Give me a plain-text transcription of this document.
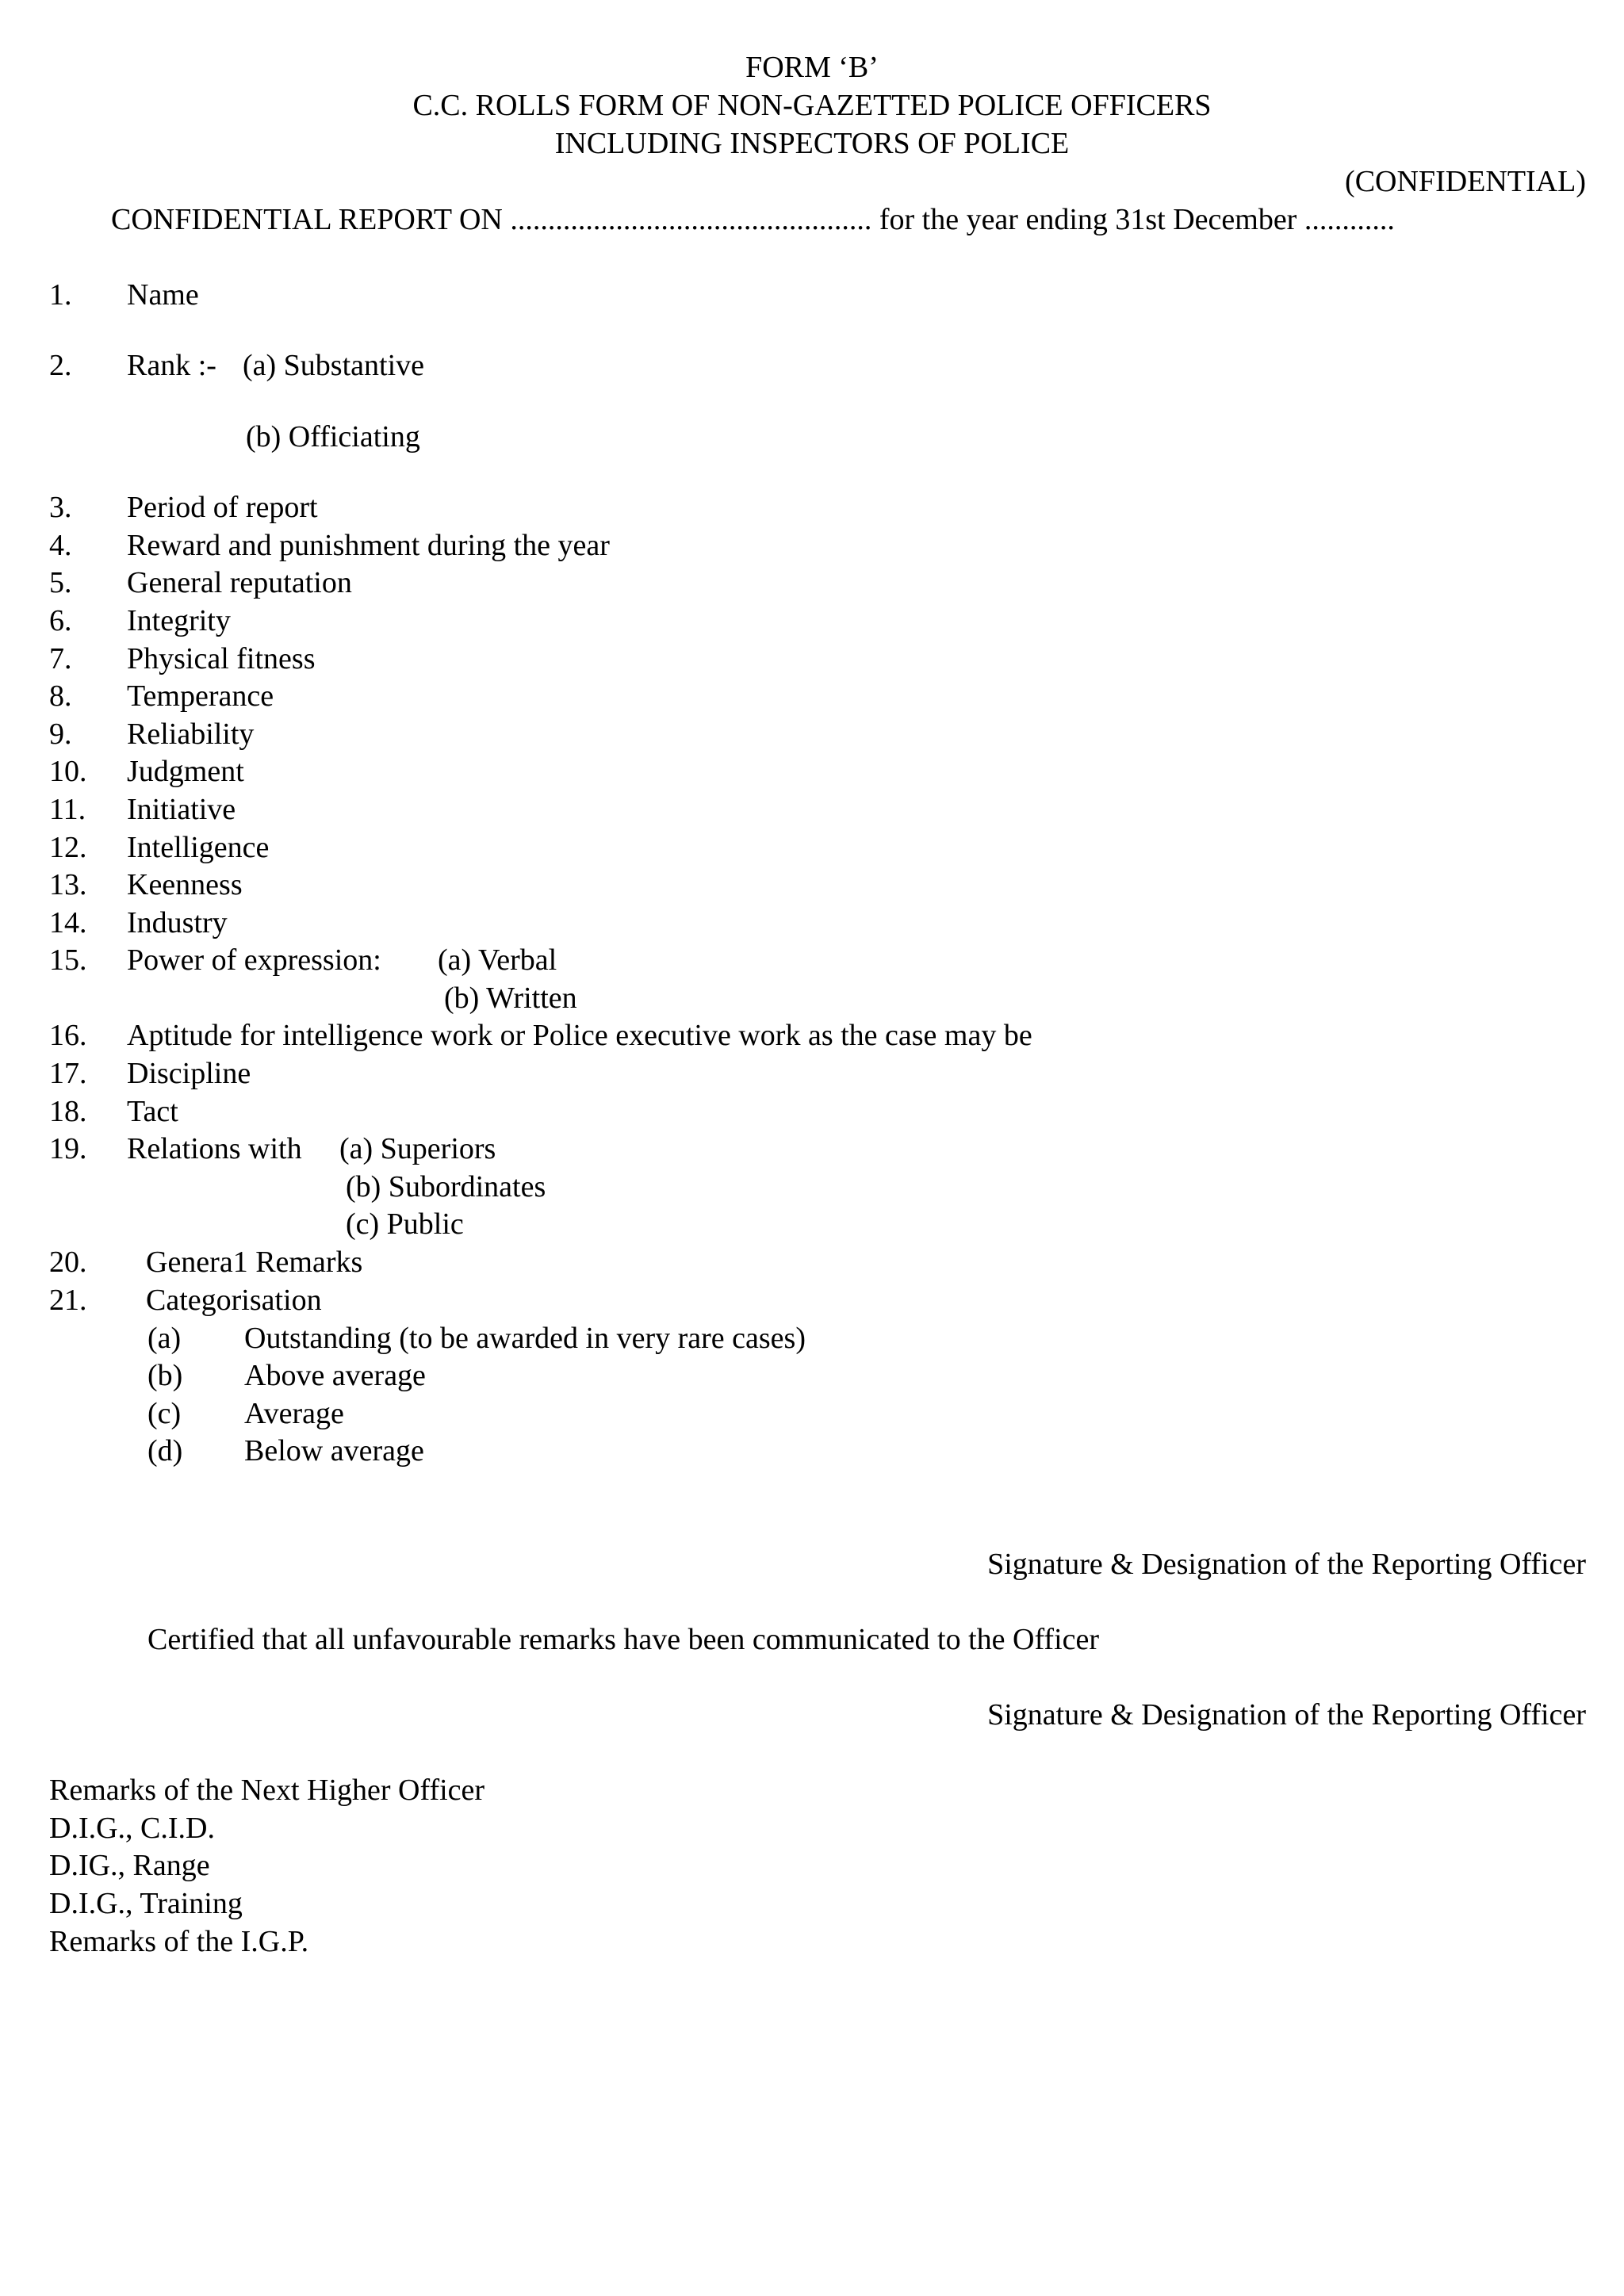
FORM ‘B’
C.C. ROLLS FORM OF NON-GAZETTED POLICE OFFICERS
INCLUDING INSPECTORS OF POLICE
(CONFIDENTIAL)
CONFIDENTIAL REPORT ON ................................................ for the year ending 31st December ............
1. Name
2. Rank :- (a) Substantive
(b) Officiating
3. Period of report
4. Reward and punishment during the year
5. General reputation
6. Integrity
7. Physical fitness
8. Temperance
9. Reliability
10. Judgment
11. Initiative
12. Intelligence
13. Keenness
14. Industry
15. Power of expression: (a) Verbal
(b) Written
16. Aptitude for intelligence work or Police executive work as the case may be
17. Discipline
18. Tact
19. Relations with (a) Superiors
(b) Subordinates
(c) Public
20. Genera1 Remarks
21. Categorisation
(a) Outstanding (to be awarded in very rare cases)
(b) Above average
(c) Average
(d) Below average
Signature & Designation of the Reporting Officer
Certified that all unfavourable remarks have been communicated to the Officer
Signature & Designation of the Reporting Officer
Remarks of the Next Higher Officer
D.I.G., C.I.D.
D.IG., Range
D.I.G., Training
Remarks of the I.G.P.
